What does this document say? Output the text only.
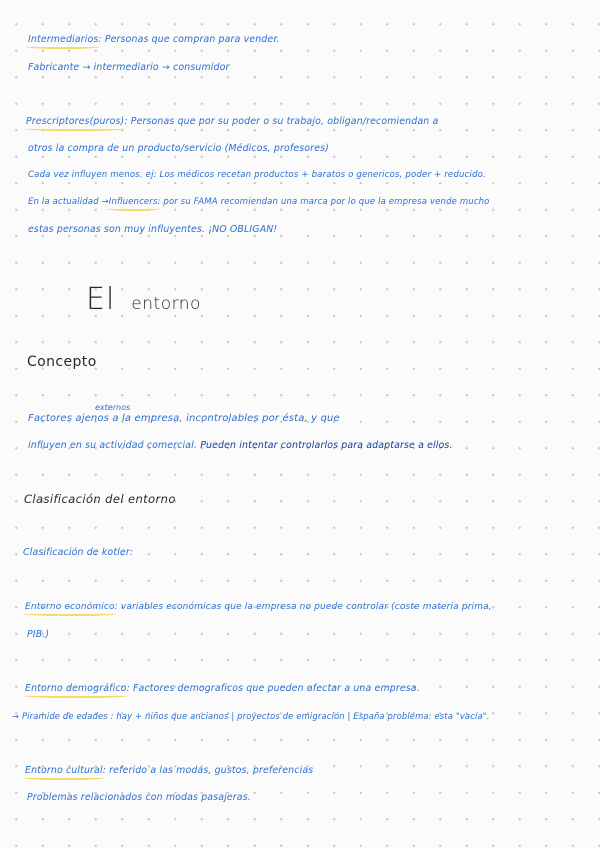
Intermediarios: Personas que compran para vender.
Fabricante → intermediario → consumidor
Prescriptores(puros): Personas que por su poder o su trabajo, obligan/recomiendan a
otros la compra de un producto/servicio (Médicos, profesores)
Cada vez influyen menos. ej: Los médicos recetan productos + baratos o genericos, poder + reducido.
En la actualidad →Influencers: por su FAMA recomiendan una marca por lo que la empresa vende mucho
estas personas son muy influyentes. ¡NO OBLIGAN!
El entorno
Concepto
externos
Factores ajenos a la empresa, incontrolables por ésta, y que
influyen en su actividad comercial. Pueden intentar controlarlos para adaptarse a ellos.
Clasificación del entorno
Clasificación de kotler:
Entorno económico: variables económicas que la empresa no puede controlar (coste materia prima,
PIB.)
Entorno demográfico: Factores demograficos que pueden afectar a una empresa.
→ Piramide de edades : hay + niños que ancianos | proyectos de emigración | España problema: esta "vacía".
Entorno cultural: referido a las modas, gustos, preferencias
Problemas relacionados con modas pasajeras.
